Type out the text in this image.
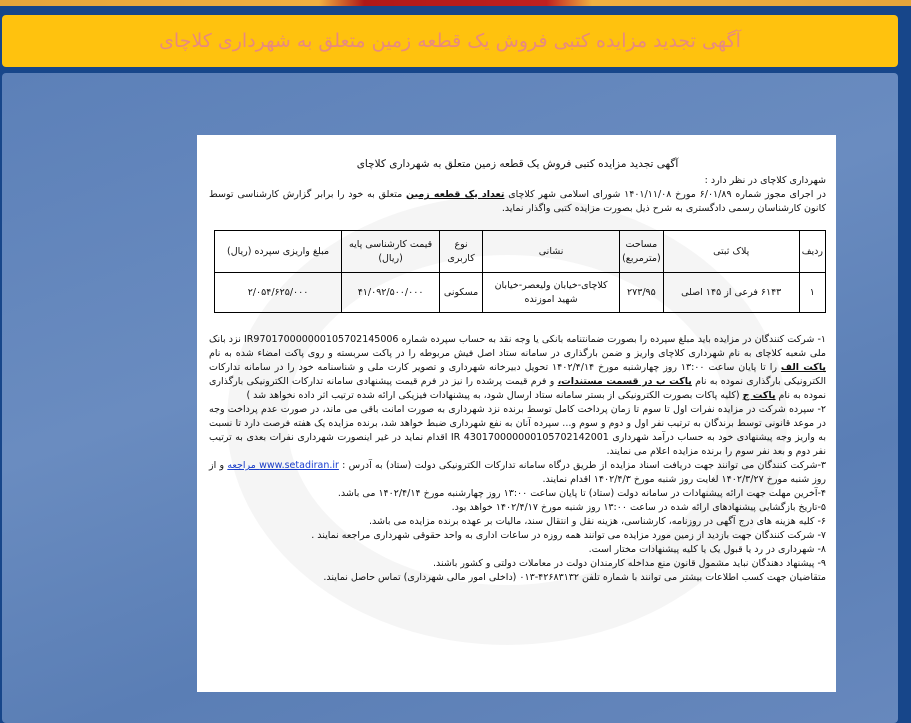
آگهی تجدید مزایده کتبی فروش یک قطعه زمین متعلق به شهرداری کلاچای
آگهی تجدید مزایده کتبی فروش یک قطعه زمین متعلق به شهرداری کلاچای

شهرداری کلاچای در نظر دارد :

در اجرای مجوز شماره ۶/۰۱/۸۹ مورخ ۱۴۰۱/۱۱/۰۸ شورای اسلامی شهر کلاچای تعداد یک قطعه زمین متعلق به خود را برابر گزارش کارشناسی توسط کانون کارشناسان رسمی دادگستری به شرح ذیل بصورت مزایده کتبی واگذار نماید.

ردیف	پلاک ثبتی	مساحت (مترمربع)	نشانی	نوع کاربری	قیمت کارشناسی پایه (ریال)	مبلغ واریزی سپرده (ریال)
۱	۶۱۴۳ فرعی از ۱۴۵ اصلی	۲۷۳/۹۵	کلاچای-خیابان ولیعصر-خیابان شهید اموزنده	مسکونی	۴۱/۰۹۲/۵۰۰/۰۰۰	۲/۰۵۴/۶۲۵/۰۰۰

۱- شرکت کنندگان در مزایده باید مبلغ سپرده را بصورت ضمانتنامه بانکی یا وجه نقد به حساب سپرده شماره IR970170000000105702145006 نزد بانک ملی شعبه کلاچای به نام شهرداری کلاچای واریز و ضمن بارگذاری در سامانه ستاد اصل فیش مربوطه را در پاکت سربسته و روی پاکت امضاء شده به نام پاکت الف را تا پایان ساعت ۱۳:۰۰ روز چهارشنبه مورخ ۱۴۰۲/۴/۱۴ تحویل دبیرخانه شهرداری و تصویر کارت ملی و شناسنامه خود را در سامانه تدارکات الکترونیکی بارگذاری نموده به نام پاکت ب در قسمت مستندات، و فرم قیمت پرشده را نیز در فرم قیمت پیشنهادی سامانه تدارکات الکترونیکی بارگذاری نموده به نام پاکت ج (کلیه پاکات بصورت الکترونیکی از بستر سامانه ستاد ارسال شود، به پیشنهادات فیزیکی ارائه شده ترتیب اثر داده نخواهد شد )

۲- سپرده شرکت در مزایده نفرات اول تا سوم تا زمان پرداخت کامل توسط برنده نزد شهرداری به صورت امانت باقی می ماند، در صورت عدم پرداخت وجه در موعد قانونی توسط برندگان به ترتیب نفر اول و دوم و سوم و... سپرده آنان به نفع شهرداری ضبط خواهد شد، برنده مزایده یک هفته فرصت دارد تا نسبت به واریز وجه پیشنهادی خود به حساب درآمد شهرداری IR 430170000000105702142001 اقدام نماید در غیر اینصورت شهرداری نفرات بعدی به ترتیب نفر دوم و بعد نفر سوم را برنده مزایده اعلام می نمایند.

۳-شرکت کنندگان می توانند جهت دریافت اسناد مزایده از طریق درگاه سامانه تدارکات الکترونیکی دولت (ستاد) به آدرس : www.setadiran.ir مراجعه و از روز شنبه مورخ ۱۴۰۲/۳/۲۷ لغایت روز شنبه مورخ ۱۴۰۲/۴/۳ اقدام نمایند.

۴-آخرین مهلت جهت ارائه پیشنهادات در سامانه دولت (ستاد) تا پایان ساعت ۱۳:۰۰ روز چهارشنبه مورخ ۱۴۰۲/۴/۱۴ می باشد.

۵-تاریخ بازگشایی پیشنهادهای ارائه شده در ساعت ۱۳:۰۰ روز شنبه مورخ ۱۴۰۲/۴/۱۷ خواهد بود.

۶- کلیه هزینه های درج آگهی در روزنامه، کارشناسی، هزینه نقل و انتقال سند، مالیات بر عهده برنده مزایده می باشد.

۷- شرکت کنندگان جهت بازدید از زمین مورد مزایده می توانند همه روزه در ساعات اداری به واحد حقوقی شهرداری مراجعه نمایند .

۸- شهرداری در رد یا قبول یک یا کلیه پیشنهادات مختار است.

۹- پیشنهاد دهندگان نباید مشمول قانون منع مداخله کارمندان دولت در معاملات دولتی و کشور باشند.

متقاضیان جهت کسب اطلاعات بیشتر می توانند با شماره تلفن ۴۲۶۸۳۱۳۲-۰۱۳ (داخلی امور مالی شهرداری) تماس حاصل نمایند.
